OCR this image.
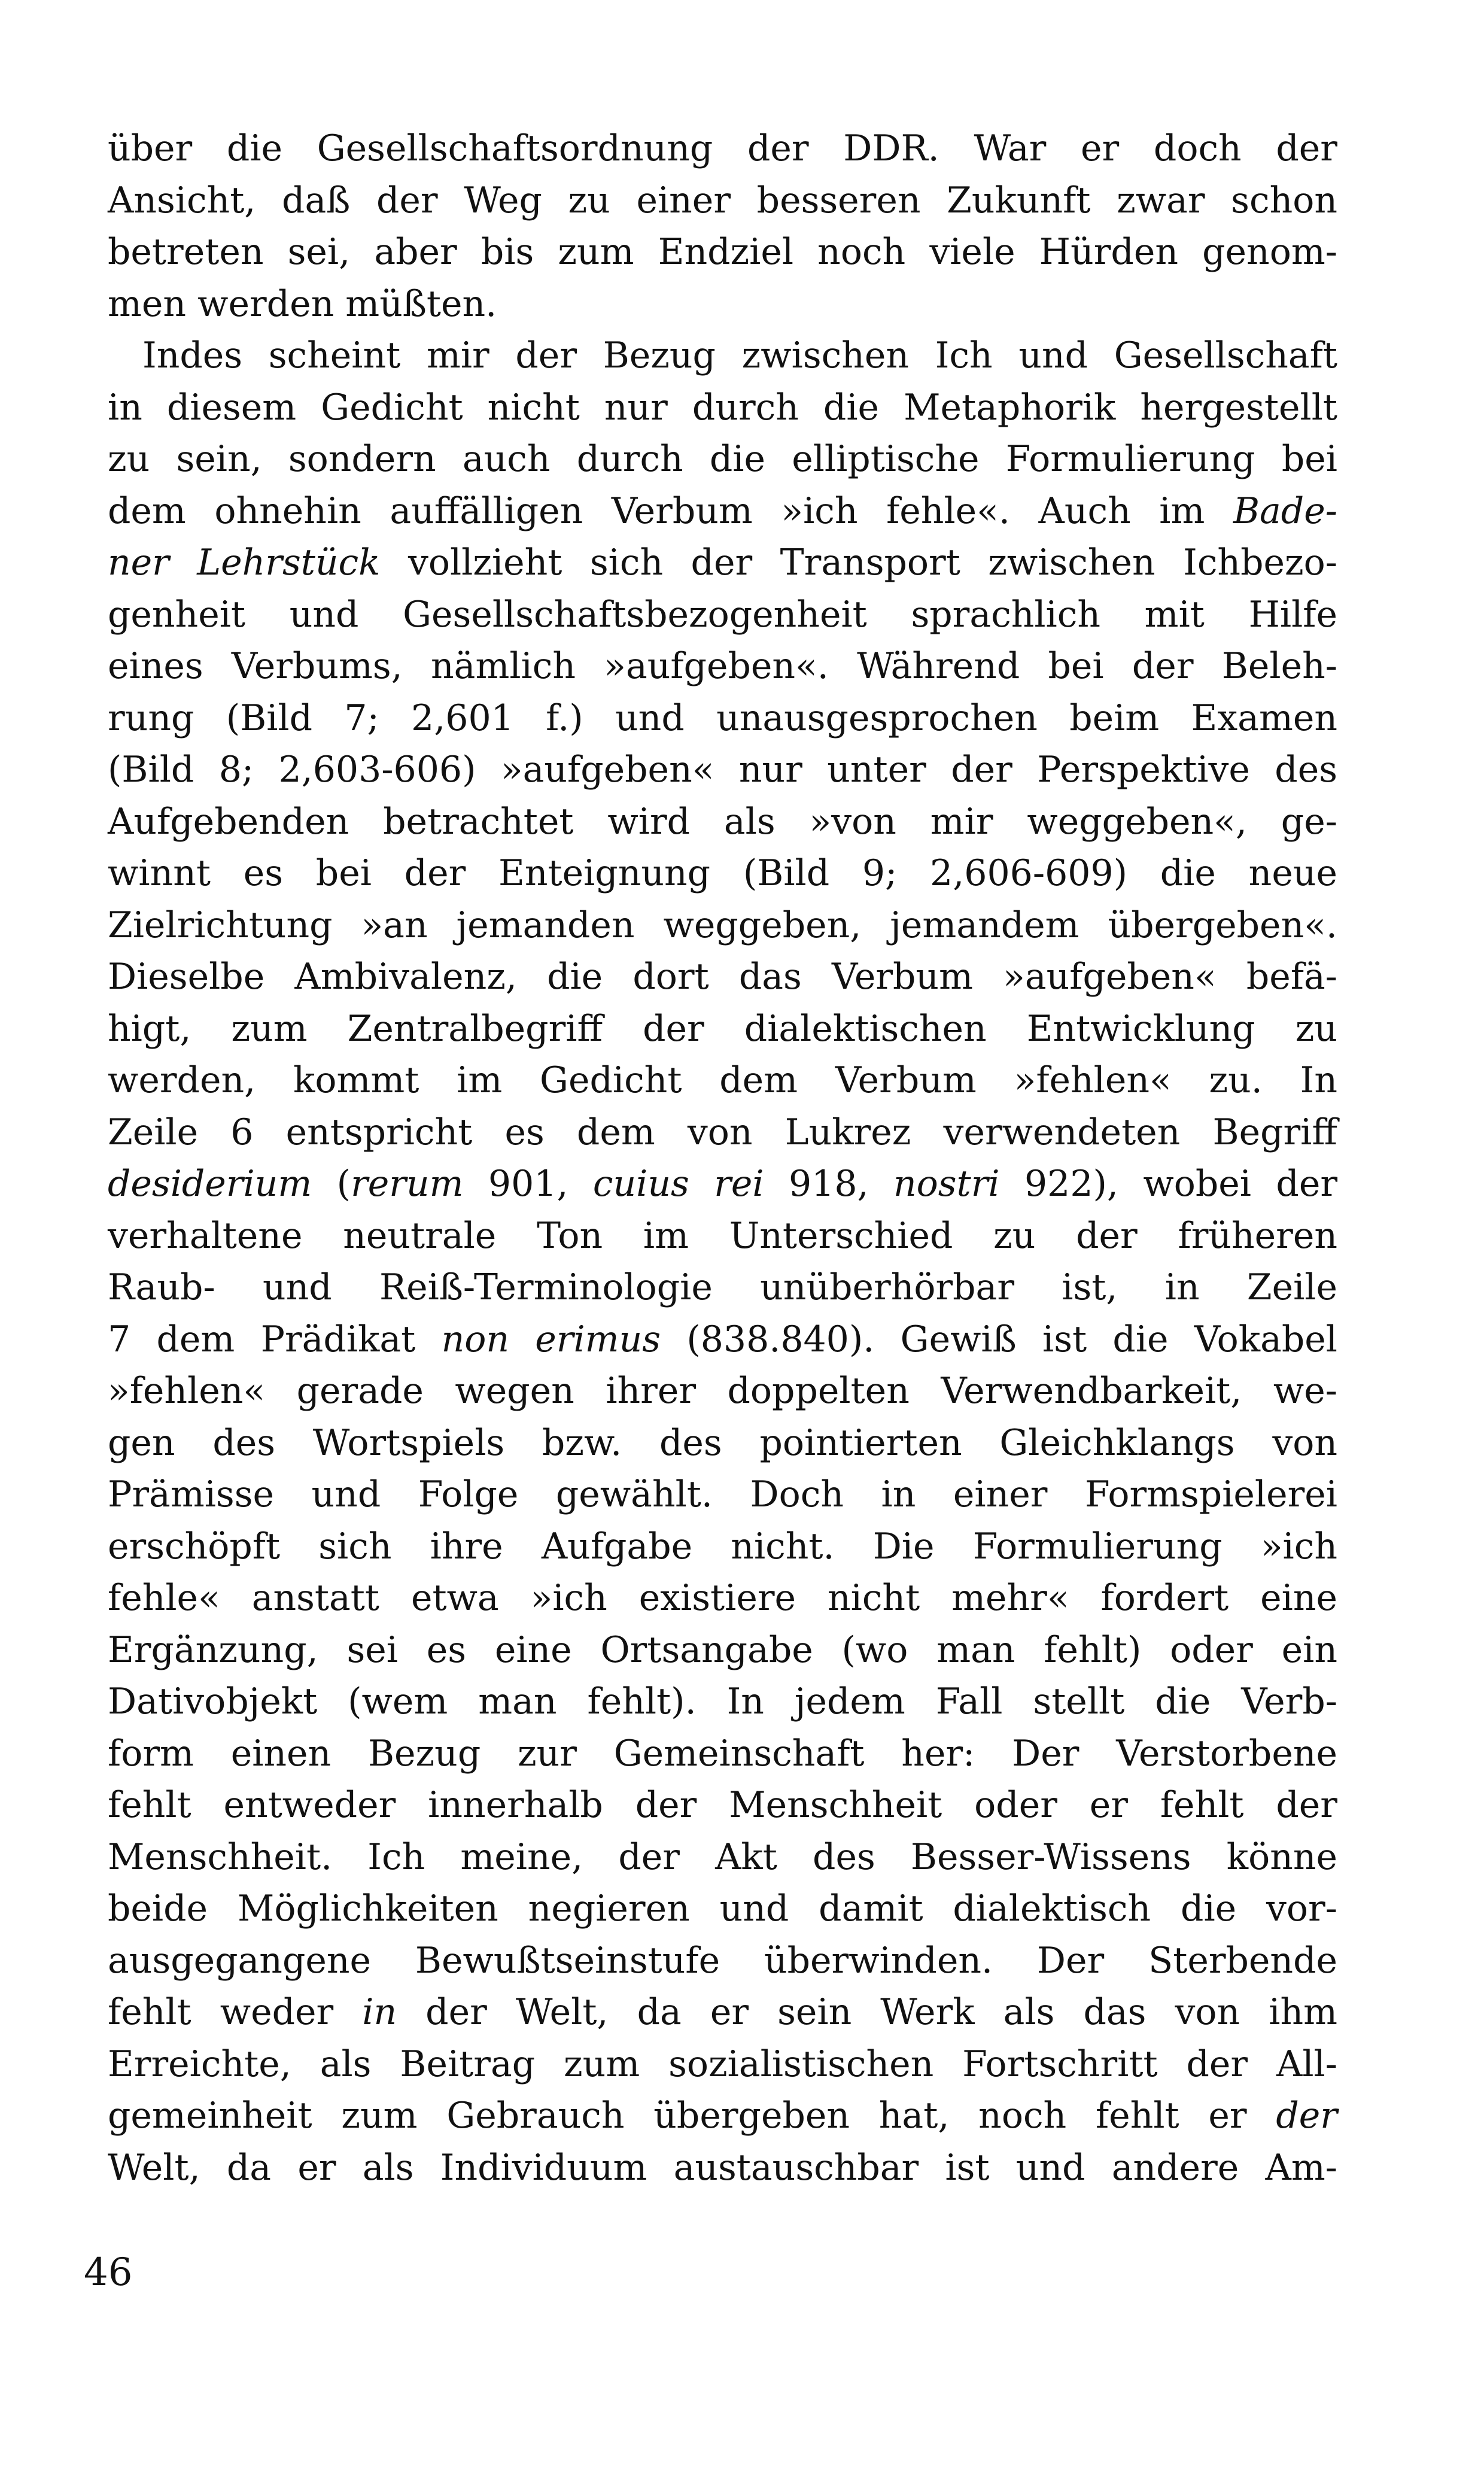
über die Gesellschaftsordnung der DDR. War er doch der
Ansicht, daß der Weg zu einer besseren Zukunft zwar schon
betreten sei, aber bis zum Endziel noch viele Hürden genom-
men werden müßten.
Indes scheint mir der Bezug zwischen Ich und Gesellschaft
in diesem Gedicht nicht nur durch die Metaphorik hergestellt
zu sein, sondern auch durch die elliptische Formulierung bei
dem ohnehin auffälligen Verbum »ich fehle«. Auch im Bade-
ner Lehrstück vollzieht sich der Transport zwischen Ichbezo-
genheit und Gesellschaftsbezogenheit sprachlich mit Hilfe
eines Verbums, nämlich »aufgeben«. Während bei der Beleh-
rung (Bild 7; 2,601 f.) und unausgesprochen beim Examen
(Bild 8; 2,603-606) »aufgeben« nur unter der Perspektive des
Aufgebenden betrachtet wird als »von mir weggeben«, ge-
winnt es bei der Enteignung (Bild 9; 2,606-609) die neue
Zielrichtung »an jemanden weggeben, jemandem übergeben«.
Dieselbe Ambivalenz, die dort das Verbum »aufgeben« befä-
higt, zum Zentralbegriff der dialektischen Entwicklung zu
werden, kommt im Gedicht dem Verbum »fehlen« zu. In
Zeile 6 entspricht es dem von Lukrez verwendeten Begriff
desiderium (rerum 901, cuius rei 918, nostri 922), wobei der
verhaltene neutrale Ton im Unterschied zu der früheren
Raub- und Reiß-Terminologie unüberhörbar ist, in Zeile
7 dem Prädikat non erimus (838.840). Gewiß ist die Vokabel
»fehlen« gerade wegen ihrer doppelten Verwendbarkeit, we-
gen des Wortspiels bzw. des pointierten Gleichklangs von
Prämisse und Folge gewählt. Doch in einer Formspielerei
erschöpft sich ihre Aufgabe nicht. Die Formulierung »ich
fehle« anstatt etwa »ich existiere nicht mehr« fordert eine
Ergänzung, sei es eine Ortsangabe (wo man fehlt) oder ein
Dativobjekt (wem man fehlt). In jedem Fall stellt die Verb-
form einen Bezug zur Gemeinschaft her: Der Verstorbene
fehlt entweder innerhalb der Menschheit oder er fehlt der
Menschheit. Ich meine, der Akt des Besser-Wissens könne
beide Möglichkeiten negieren und damit dialektisch die vor-
ausgegangene Bewußtseinstufe überwinden. Der Sterbende
fehlt weder in der Welt, da er sein Werk als das von ihm
Erreichte, als Beitrag zum sozialistischen Fortschritt der All-
gemeinheit zum Gebrauch übergeben hat, noch fehlt er der
Welt, da er als Individuum austauschbar ist und andere Am-
46
